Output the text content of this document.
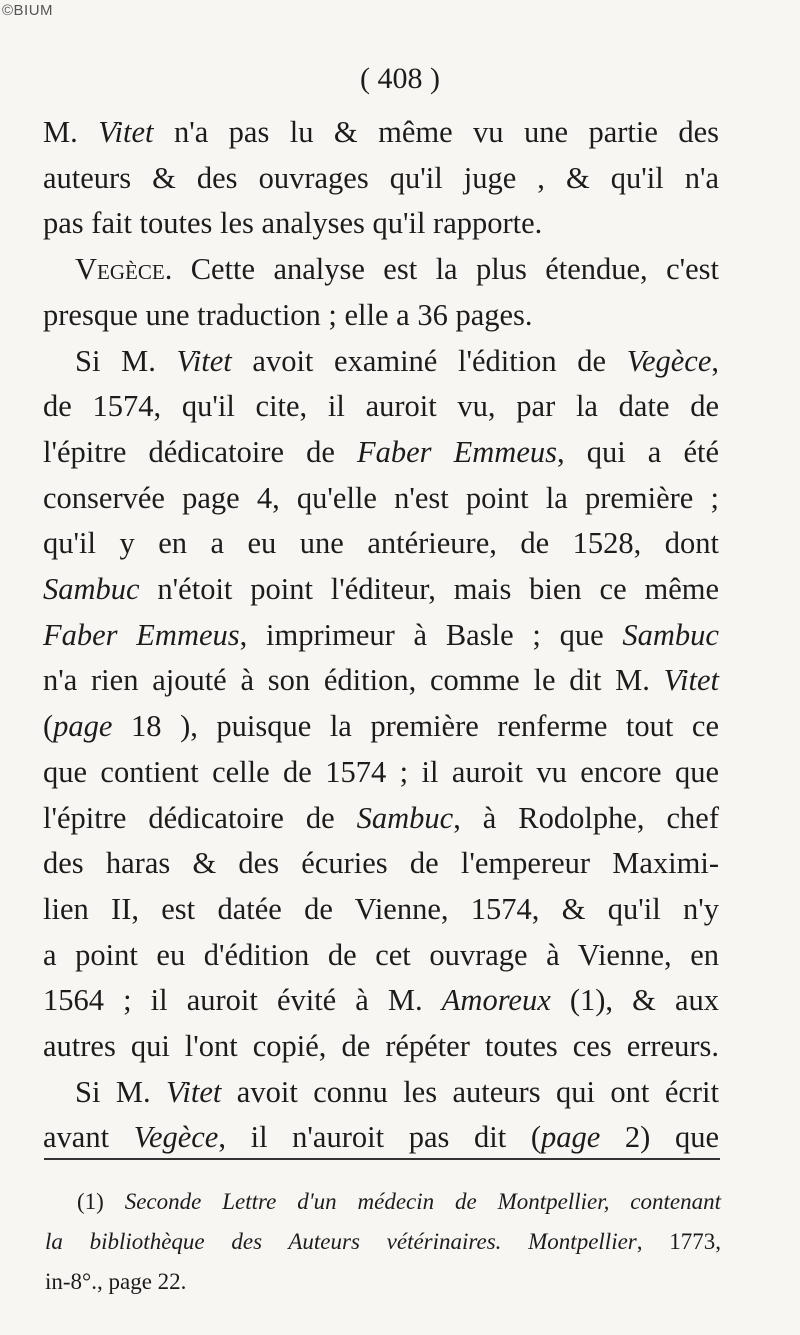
©BIUM
( 408 )
M. Vitet n'a pas lu & même vu une partie des
auteurs & des ouvrages qu'il juge , & qu'il n'a
pas fait toutes les analyses qu'il rapporte.
Vegèce. Cette analyse est la plus étendue, c'est
presque une traduction ; elle a 36 pages.
Si M. Vitet avoit examiné l'édition de Vegèce,
de 1574, qu'il cite, il auroit vu, par la date de
l'épitre dédicatoire de Faber Emmeus, qui a été
conservée page 4, qu'elle n'est point la première ;
qu'il y en a eu une antérieure, de 1528, dont
Sambuc n'étoit point l'éditeur, mais bien ce même
Faber Emmeus, imprimeur à Basle ; que Sambuc
n'a rien ajouté à son édition, comme le dit M. Vitet
(page 18 ), puisque la première renferme tout ce
que contient celle de 1574 ; il auroit vu encore que
l'épitre dédicatoire de Sambuc, à Rodolphe, chef
des haras & des écuries de l'empereur Maximi-
lien II, est datée de Vienne, 1574, & qu'il n'y
a point eu d'édition de cet ouvrage à Vienne, en
1564 ; il auroit évité à M. Amoreux (1), & aux
autres qui l'ont copié, de répéter toutes ces erreurs.
Si M. Vitet avoit connu les auteurs qui ont écrit
avant Vegèce, il n'auroit pas dit (page 2) que
(1) Seconde Lettre d'un médecin de Montpellier, contenant
la bibliothèque des Auteurs vétérinaires. Montpellier, 1773,
in-8°., page 22.
